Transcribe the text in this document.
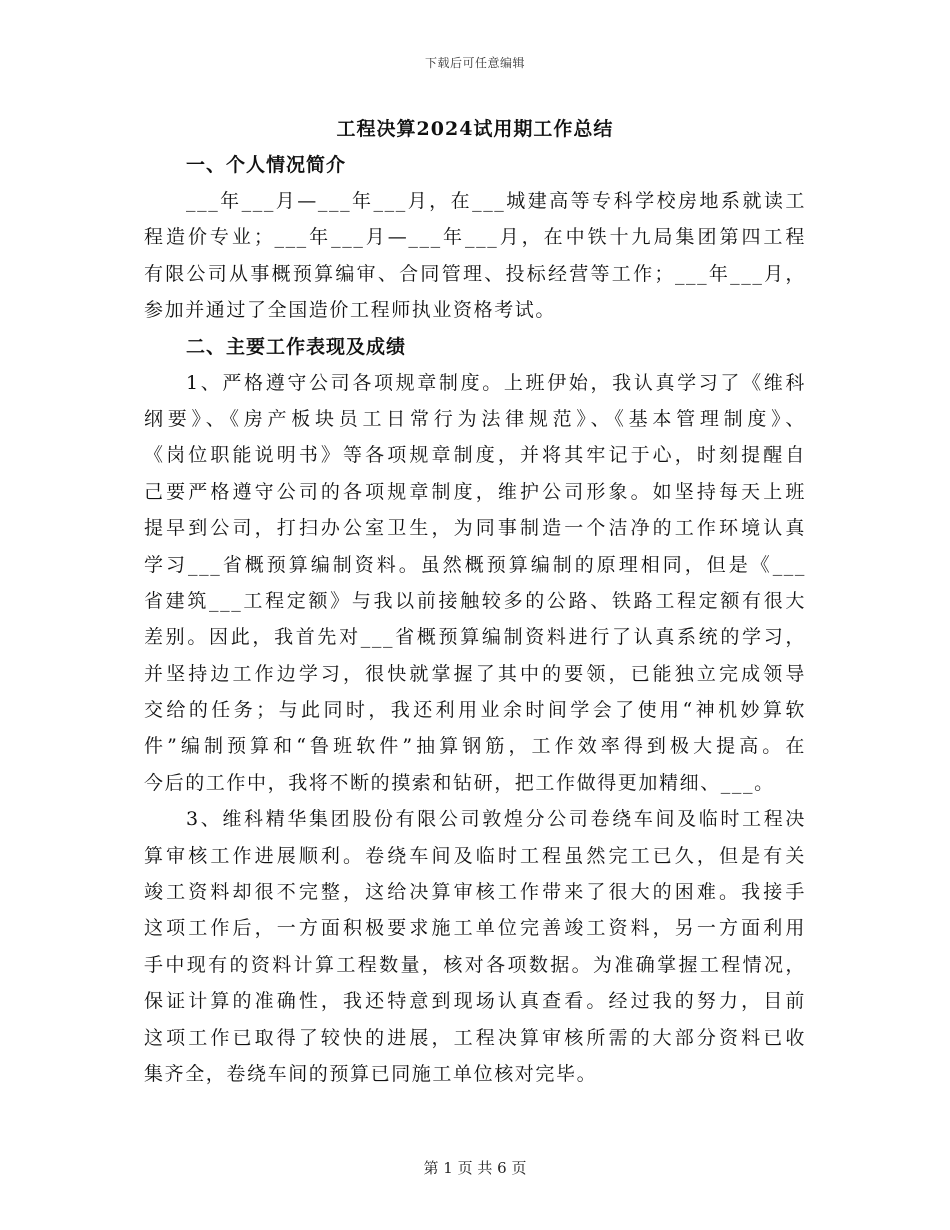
下载后可任意编辑
工程决算2024试用期工作总结
一、个人情况简介
___年___月—___年___月，在___城建高等专科学校房地系就读工
程造价专业；___年___月—___年___月，在中铁十九局集团第四工程
有限公司从事概预算编审、合同管理、投标经营等工作；___年___月，
参加并通过了全国造价工程师执业资格考试。
二、主要工作表现及成绩
1、严格遵守公司各项规章制度。上班伊始，我认真学习了《维科
纲要》、《房产板块员工日常行为法律规范》、《基本管理制度》、
《岗位职能说明书》等各项规章制度，并将其牢记于心，时刻提醒自
己要严格遵守公司的各项规章制度，维护公司形象。如坚持每天上班
提早到公司，打扫办公室卫生，为同事制造一个洁净的工作环境认真
学习___省概预算编制资料。虽然概预算编制的原理相同，但是《___
省建筑___工程定额》与我以前接触较多的公路、铁路工程定额有很大
差别。因此，我首先对___省概预算编制资料进行了认真系统的学习，
并坚持边工作边学习，很快就掌握了其中的要领，已能独立完成领导
交给的任务；与此同时，我还利用业余时间学会了使用“神机妙算软
件”编制预算和“鲁班软件”抽算钢筋，工作效率得到极大提高。在
今后的工作中，我将不断的摸索和钻研，把工作做得更加精细、___。
3、维科精华集团股份有限公司敦煌分公司卷绕车间及临时工程决
算审核工作进展顺利。卷绕车间及临时工程虽然完工已久，但是有关
竣工资料却很不完整，这给决算审核工作带来了很大的困难。我接手
这项工作后，一方面积极要求施工单位完善竣工资料，另一方面利用
手中现有的资料计算工程数量，核对各项数据。为准确掌握工程情况，
保证计算的准确性，我还特意到现场认真查看。经过我的努力，目前
这项工作已取得了较快的进展，工程决算审核所需的大部分资料已收
集齐全，卷绕车间的预算已同施工单位核对完毕。
第 1 页 共 6 页
